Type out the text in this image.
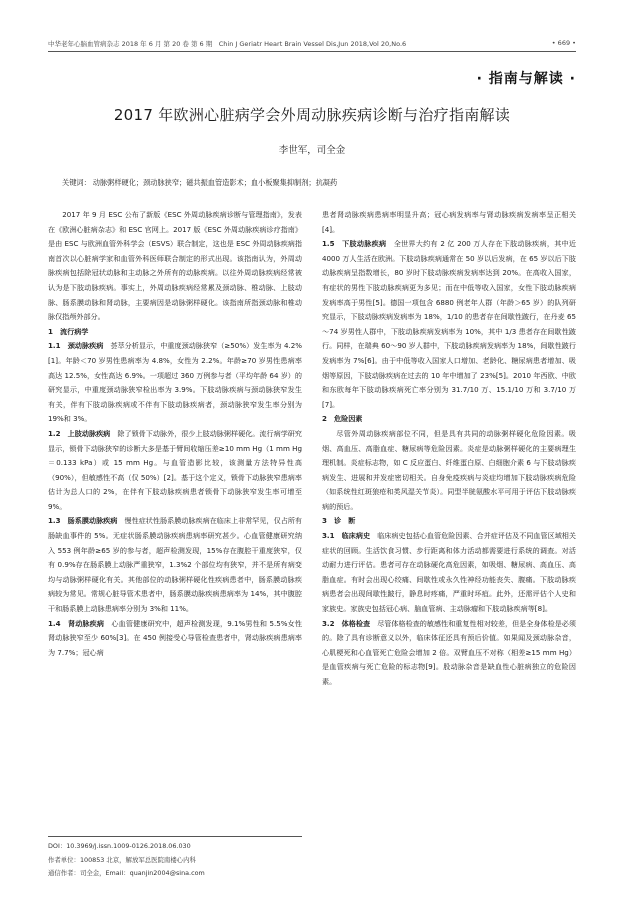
中华老年心脑血管病杂志 2018 年 6 月 第 20 卷 第 6 期　Chin J Geriatr Heart Brain Vessel Dis,Jun 2018,Vol 20,No.6	• 669 •
· 指南与解读 ·
2017 年欧洲心脏病学会外周动脉疾病诊断与治疗指南解读
李世军，司全金
关键词： 动脉粥样硬化；颈动脉狭窄；磁共振血管造影术；血小板聚集抑制剂；抗凝药

2017 年 9 月 ESC 公布了新版《ESC 外周动脉疾病诊断与管理指南》，发表在《欧洲心脏病杂志》和 ESC 官网上。2017 版《ESC 外周动脉疾病诊疗指南》是由 ESC 与欧洲血管外科学会（ESVS）联合制定，这也是 ESC 外周动脉疾病指南首次以心脏病学家和血管外科医师联合制定的形式出现。该指南认为，外周动脉疾病包括除冠状动脉和主动脉之外所有的动脉疾病。以往外周动脉疾病经常被认为是下肢动脉疾病。事实上，外周动脉疾病经常累及颈动脉、椎动脉、上肢动脉、肠系膜动脉和肾动脉，主要病因是动脉粥样硬化。该指南所指颈动脉和椎动脉仅指颅外部分。

1　流行病学

1.1　颈动脉疾病　 荟萃分析显示，中重度颈动脉狭窄（≥50%）发生率为 4.2%[1]。年龄＜70 岁男性患病率为 4.8%，女性为 2.2%。年龄≥70 岁男性患病率高达 12.5%，女性高达 6.9%。一项超过 360 万例参与者（平均年龄 64 岁）的研究显示，中重度颈动脉狭窄检出率为 3.9%。下肢动脉疾病与颈动脉狭窄发生有关，伴有下肢动脉疾病或不伴有下肢动脉疾病者，颈动脉狭窄发生率分别为 19%和 3%。

1.2　上肢动脉疾病　 除了锁骨下动脉外，很少上肢动脉粥样硬化。流行病学研究显示，锁骨下动脉狭窄的诊断大多是基于臂间收缩压差≥10 mm Hg（1 mm Hg＝0.133 kPa）或 15 mm Hg。与血管造影比较，该测量方法特异性高（90%），但敏感性不高（仅 50%）[2]。基于这个定义，锁骨下动脉狭窄患病率估计为总人口的 2%，在伴有下肢动脉疾病患者锁骨下动脉狭窄发生率可增至 9%。

1.3　肠系膜动脉疾病　 慢性症状性肠系膜动脉疾病在临床上非常罕见，仅占所有肠缺血事件的 5%。无症状肠系膜动脉疾病患病率研究甚少。心血管健康研究纳入 553 例年龄≥65 岁的参与者，超声检测发现，15%存在腹腔干重度狭窄，仅有 0.9%存在肠系膜上动脉严重狭窄，1.3%2 个部位均有狭窄，并不是所有病变均与动脉粥样硬化有关。其他部位的动脉粥样硬化性疾病患者中，肠系膜动脉疾病较为常见。常规心脏导管术患者中，肠系膜动脉疾病患病率为 14%，其中腹腔干和肠系膜上动脉患病率分别为 3%和 11%。

1.4　肾动脉疾病　 心血管健康研究中，超声检测发现，9.1%男性和 5.5%女性肾动脉狭窄至少 60%[3]。在 450 例接受心导管检查患者中，肾动脉疾病患病率为 7.7%；冠心病

患者肾动脉疾病患病率明显升高；冠心病发病率与肾动脉疾病发病率呈正相关[4]。

1.5　下肢动脉疾病　 全世界大约有 2 亿 200 万人存在下肢动脉疾病，其中近 4000 万人生活在欧洲。下肢动脉疾病通常在 50 岁以后发病，在 65 岁以后下肢动脉疾病呈指数增长，80 岁时下肢动脉疾病发病率达到 20%。在高收入国家，有症状的男性下肢动脉疾病更为多见；而在中低等收入国家，女性下肢动脉疾病发病率高于男性[5]。德国一项包含 6880 例老年人群（年龄＞65 岁）的队列研究显示，下肢动脉疾病发病率为 18%，1/10 的患者存在间歇性跛行，在丹麦 65～74 岁男性人群中，下肢动脉疾病发病率为 10%，其中 1/3 患者存在间歇性跛行。同样，在瑞典 60～90 岁人群中，下肢动脉疾病发病率为 18%，间歇性跛行发病率为 7%[6]。由于中低等收入国家人口增加、老龄化、糖尿病患者增加、吸烟等原因，下肢动脉疾病在过去的 10 年中增加了 23%[5]。2010 年西欧、中欧和东欧每年下肢动脉疾病死亡率分别为 31.7/10 万、15.1/10 万和 3.7/10 万[7]。

2　危险因素

尽管外周动脉疾病部位不同，但是具有共同的动脉粥样硬化危险因素。吸烟、高血压、高脂血症、糖尿病等危险因素。炎症是动脉粥样硬化的主要病理生理机制。炎症标志物，如 C 反应蛋白、纤维蛋白原、白细胞介素 6 与下肢动脉疾病发生、进展和并发症密切相关。自身免疫疾病与炎症均增加下肢动脉疾病危险（如系统性红斑狼疮和类风湿关节炎）。同型半胱氨酸水平可用于评估下肢动脉疾病的预后。

3　诊　断

3.1　临床病史　 临床病史包括心血管危险因素、合并症评估及不同血管区域相关症状的回顾。生活饮食习惯、步行距离和体力活动都需要进行系统的调查。对活动耐力进行评估。患者可存在动脉硬化高危因素，如吸烟、糖尿病、高血压、高脂血症。有时会出现心绞痛、间歇性或永久性神经功能丧失、腹痛。下肢动脉疾病患者会出现间歇性跛行，静息时疼痛，严重时坏疽。此外，还需评估个人史和家族史。家族史包括冠心病、脑血管病、主动脉瘤和下肢动脉疾病等[8]。

3.2　体格检查　 尽管体格检查的敏感性和重复性相对较差，但是全身体检是必须的。除了具有诊断意义以外，临床体征还具有预后价值。如果闻及颈动脉杂音，心肌梗死和心血管死亡危险会增加 2 倍。双臂血压不对称（相差≥15 mm Hg）是血管疾病与死亡危险的标志物[9]。股动脉杂音是缺血性心脏病独立的危险因素。

DOI：10.3969/j.issn.1009-0126.2018.06.030
作者单位：100853 北京，解放军总医院南楼心内科
通信作者：司全金，Email：quanjin2004@sina.com
